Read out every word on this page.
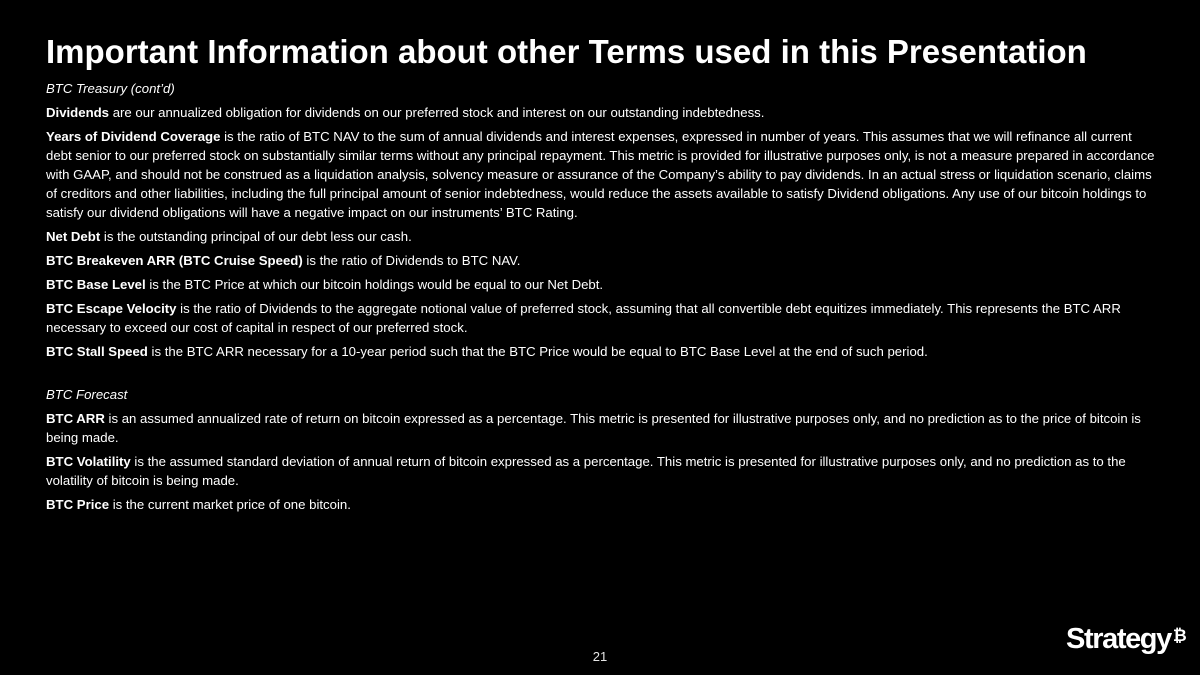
Important Information about other Terms used in this Presentation
BTC Treasury (cont’d)
Dividends are our annualized obligation for dividends on our preferred stock and interest on our outstanding indebtedness.
Years of Dividend Coverage is the ratio of BTC NAV to the sum of annual dividends and interest expenses, expressed in number of years. This assumes that we will refinance all current debt senior to our preferred stock on substantially similar terms without any principal repayment. This metric is provided for illustrative purposes only, is not a measure prepared in accordance with GAAP, and should not be construed as a liquidation analysis, solvency measure or assurance of the Company’s ability to pay dividends. In an actual stress or liquidation scenario, claims of creditors and other liabilities, including the full principal amount of senior indebtedness, would reduce the assets available to satisfy Dividend obligations. Any use of our bitcoin holdings to satisfy our dividend obligations will have a negative impact on our instruments’ BTC Rating.
Net Debt is the outstanding principal of our debt less our cash.
BTC Breakeven ARR (BTC Cruise Speed) is the ratio of Dividends to BTC NAV.
BTC Base Level is the BTC Price at which our bitcoin holdings would be equal to our Net Debt.
BTC Escape Velocity is the ratio of Dividends to the aggregate notional value of preferred stock, assuming that all convertible debt equitizes immediately. This represents the BTC ARR necessary to exceed our cost of capital in respect of our preferred stock.
BTC Stall Speed is the BTC ARR necessary for a 10-year period such that the BTC Price would be equal to BTC Base Level at the end of such period.
BTC Forecast
BTC ARR is an assumed annualized rate of return on bitcoin expressed as a percentage. This metric is presented for illustrative purposes only, and no prediction as to the price of bitcoin is being made.
BTC Volatility is the assumed standard deviation of annual return of bitcoin expressed as a percentage. This metric is presented for illustrative purposes only, and no prediction as to the volatility of bitcoin is being made.
BTC Price is the current market price of one bitcoin.
21
Strategy ₿
